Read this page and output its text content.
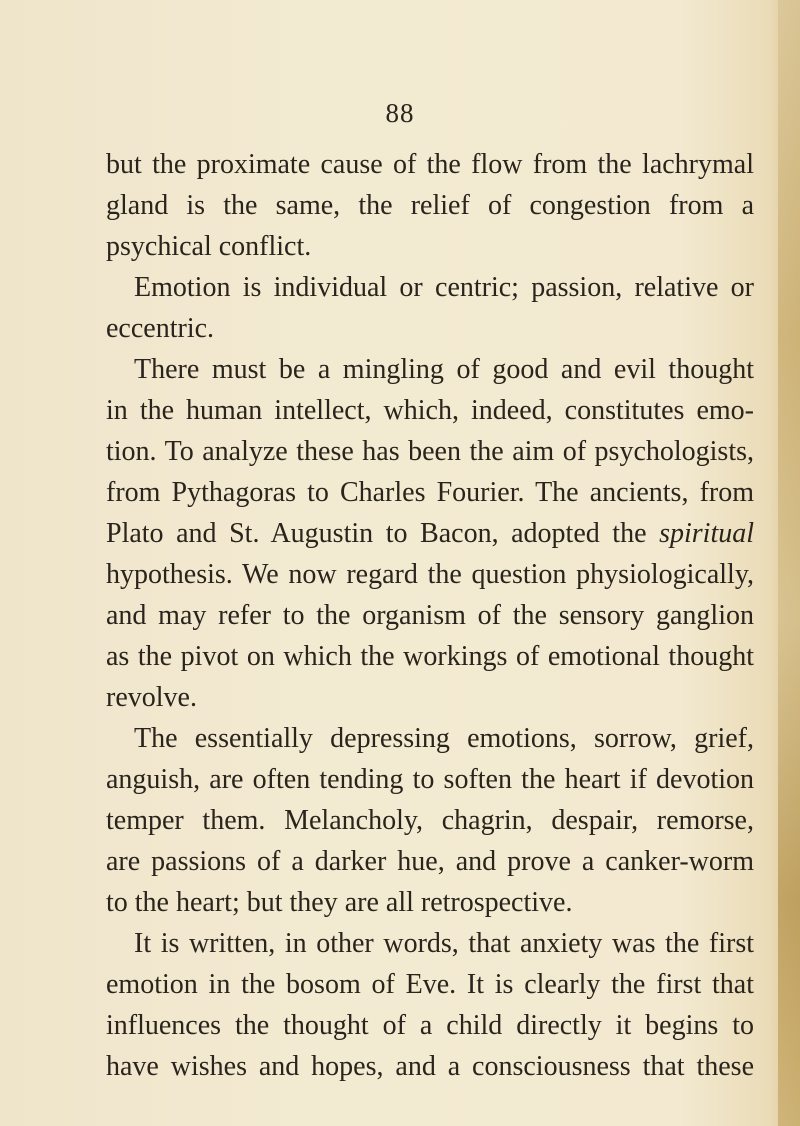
88
but the proximate cause of the flow from the lachrymal
gland is the same, the relief of congestion from a
psychical conflict.
Emotion is individual or centric; passion, relative or
eccentric.
There must be a mingling of good and evil thought
in the human intellect, which, indeed, constitutes emo-
tion. To analyze these has been the aim of psychologists,
from Pythagoras to Charles Fourier. The ancients, from
Plato and St. Augustin to Bacon, adopted the spiritual
hypothesis. We now regard the question physiologically,
and may refer to the organism of the sensory ganglion
as the pivot on which the workings of emotional thought
revolve.
The essentially depressing emotions, sorrow, grief,
anguish, are often tending to soften the heart if devotion
temper them. Melancholy, chagrin, despair, remorse,
are passions of a darker hue, and prove a canker-worm
to the heart; but they are all retrospective.
It is written, in other words, that anxiety was the first
emotion in the bosom of Eve. It is clearly the first that
influences the thought of a child directly it begins to
have wishes and hopes, and a consciousness that these
